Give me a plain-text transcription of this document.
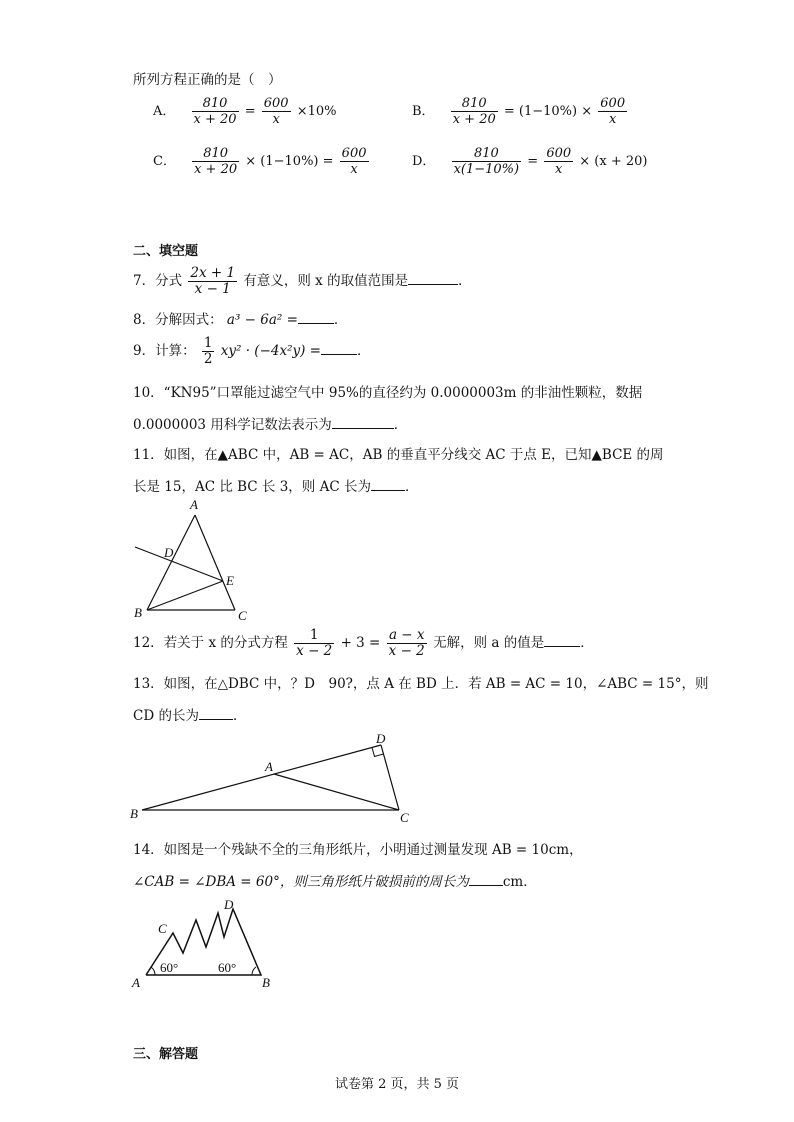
所列方程正确的是（　）
A． $\frac{810}{x + 20} = \frac{600}{x} \times 10\%$	B． $\frac{810}{x + 20} = (1-10\%) \times \frac{600}{x}$
C． $\frac{810}{x + 20} \times (1-10\%) = \frac{600}{x}$	D． $\frac{810}{x(1-10\%)} = \frac{600}{x} \times (x + 20)$
二、填空题
7．分式 $\frac{2x + 1}{x - 1}$ 有意义，则 x 的取值范围是	．
8．分解因式： a³ − 6a² =	．
9．计算： $\frac{1}{2} xy^2 \cdot (-4x^2y)$ =	．
10．“KN95”口罩能过滤空气中 95%的直径约为 0.0000003m 的非油性颗粒，数据
0.0000003 用科学记数法表示为	．
11．如图，在▲ABC 中，AB = AC，AB 的垂直平分线交 AC 于点 E，已知▲BCE 的周
长是 15，AC 比 BC 长 3，则 AC 长为	．
A
B	C
D
E
12．若关于 x 的分式方程 $\frac{1}{x - 2} + 3 = \frac{a - x}{x - 2}$ 无解，则 a 的值是	．
13．如图，在△DBC 中，？D　90?，点 A 在 BD 上．若 AB = AC = 10，∠ABC = 15°，则
CD 的长为	．
A
B	C
D
14．如图是一个残缺不全的三角形纸片，小明通过测量发现 AB = 10cm，
∠CAB = ∠DBA = 60°，则三角形纸片破损前的周长为	cm．
A	B
C
D
60°	60°
三、解答题
试卷第 2 页，共 5 页
